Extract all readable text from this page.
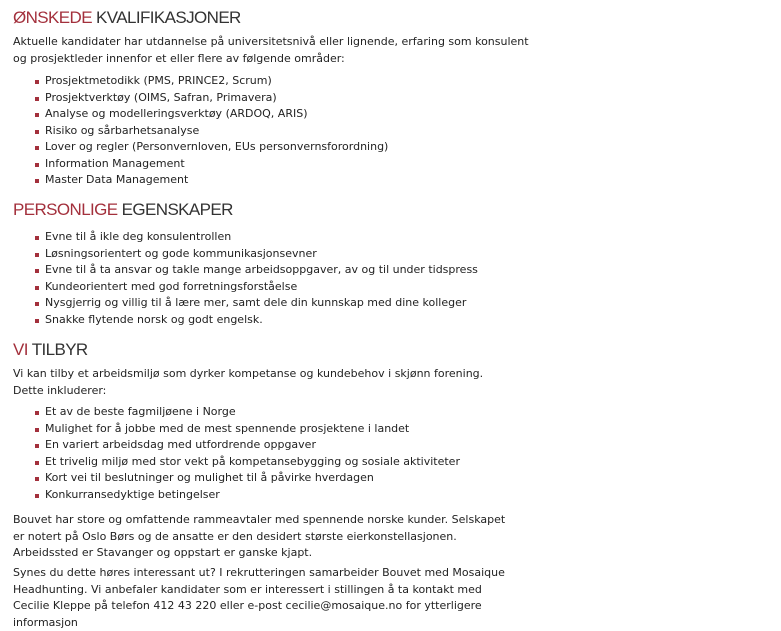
ØNSKEDE KVALIFIKASJONER

Aktuelle kandidater har utdannelse på universitetsnivå eller lignende, erfaring som konsulent og prosjektleder innenfor et eller flere av følgende områder:

Prosjektmetodikk (PMS, PRINCE2, Scrum)
Prosjektverktøy (OIMS, Safran, Primavera)
Analyse og modelleringsverktøy (ARDOQ, ARIS)
Risiko og sårbarhetsanalyse
Lover og regler (Personvernloven, EUs personvernsforordning)
Information Management
Master Data Management
PERSONLIGE EGENSKAPER
Evne til å ikle deg konsulentrollen
Løsningsorientert og gode kommunikasjonsevner
Evne til å ta ansvar og takle mange arbeidsoppgaver, av og til under tidspress
Kundeorientert med god forretningsforståelse
Nysgjerrig og villig til å lære mer, samt dele din kunnskap med dine kolleger
Snakke flytende norsk og godt engelsk.
VI TILBYR

Vi kan tilby et arbeidsmiljø som dyrker kompetanse og kundebehov i skjønn forening. Dette inkluderer:

Et av de beste fagmiljøene i Norge
Mulighet for å jobbe med de mest spennende prosjektene i landet
En variert arbeidsdag med utfordrende oppgaver
Et trivelig miljø med stor vekt på kompetansebygging og sosiale aktiviteter
Kort vei til beslutninger og mulighet til å påvirke hverdagen
Konkurransedyktige betingelser

Bouvet har store og omfattende rammeavtaler med spennende norske kunder. Selskapet er notert på Oslo Børs og de ansatte er den desidert største eierkonstellasjonen.

Arbeidssted er Stavanger og oppstart er ganske kjapt.

Synes du dette høres interessant ut? I rekrutteringen samarbeider Bouvet med Mosaique Headhunting. Vi anbefaler kandidater som er interessert i stillingen å ta kontakt med Cecilie Kleppe på telefon 412 43 220 eller e-post cecilie@mosaique.no for ytterligere informasjon
